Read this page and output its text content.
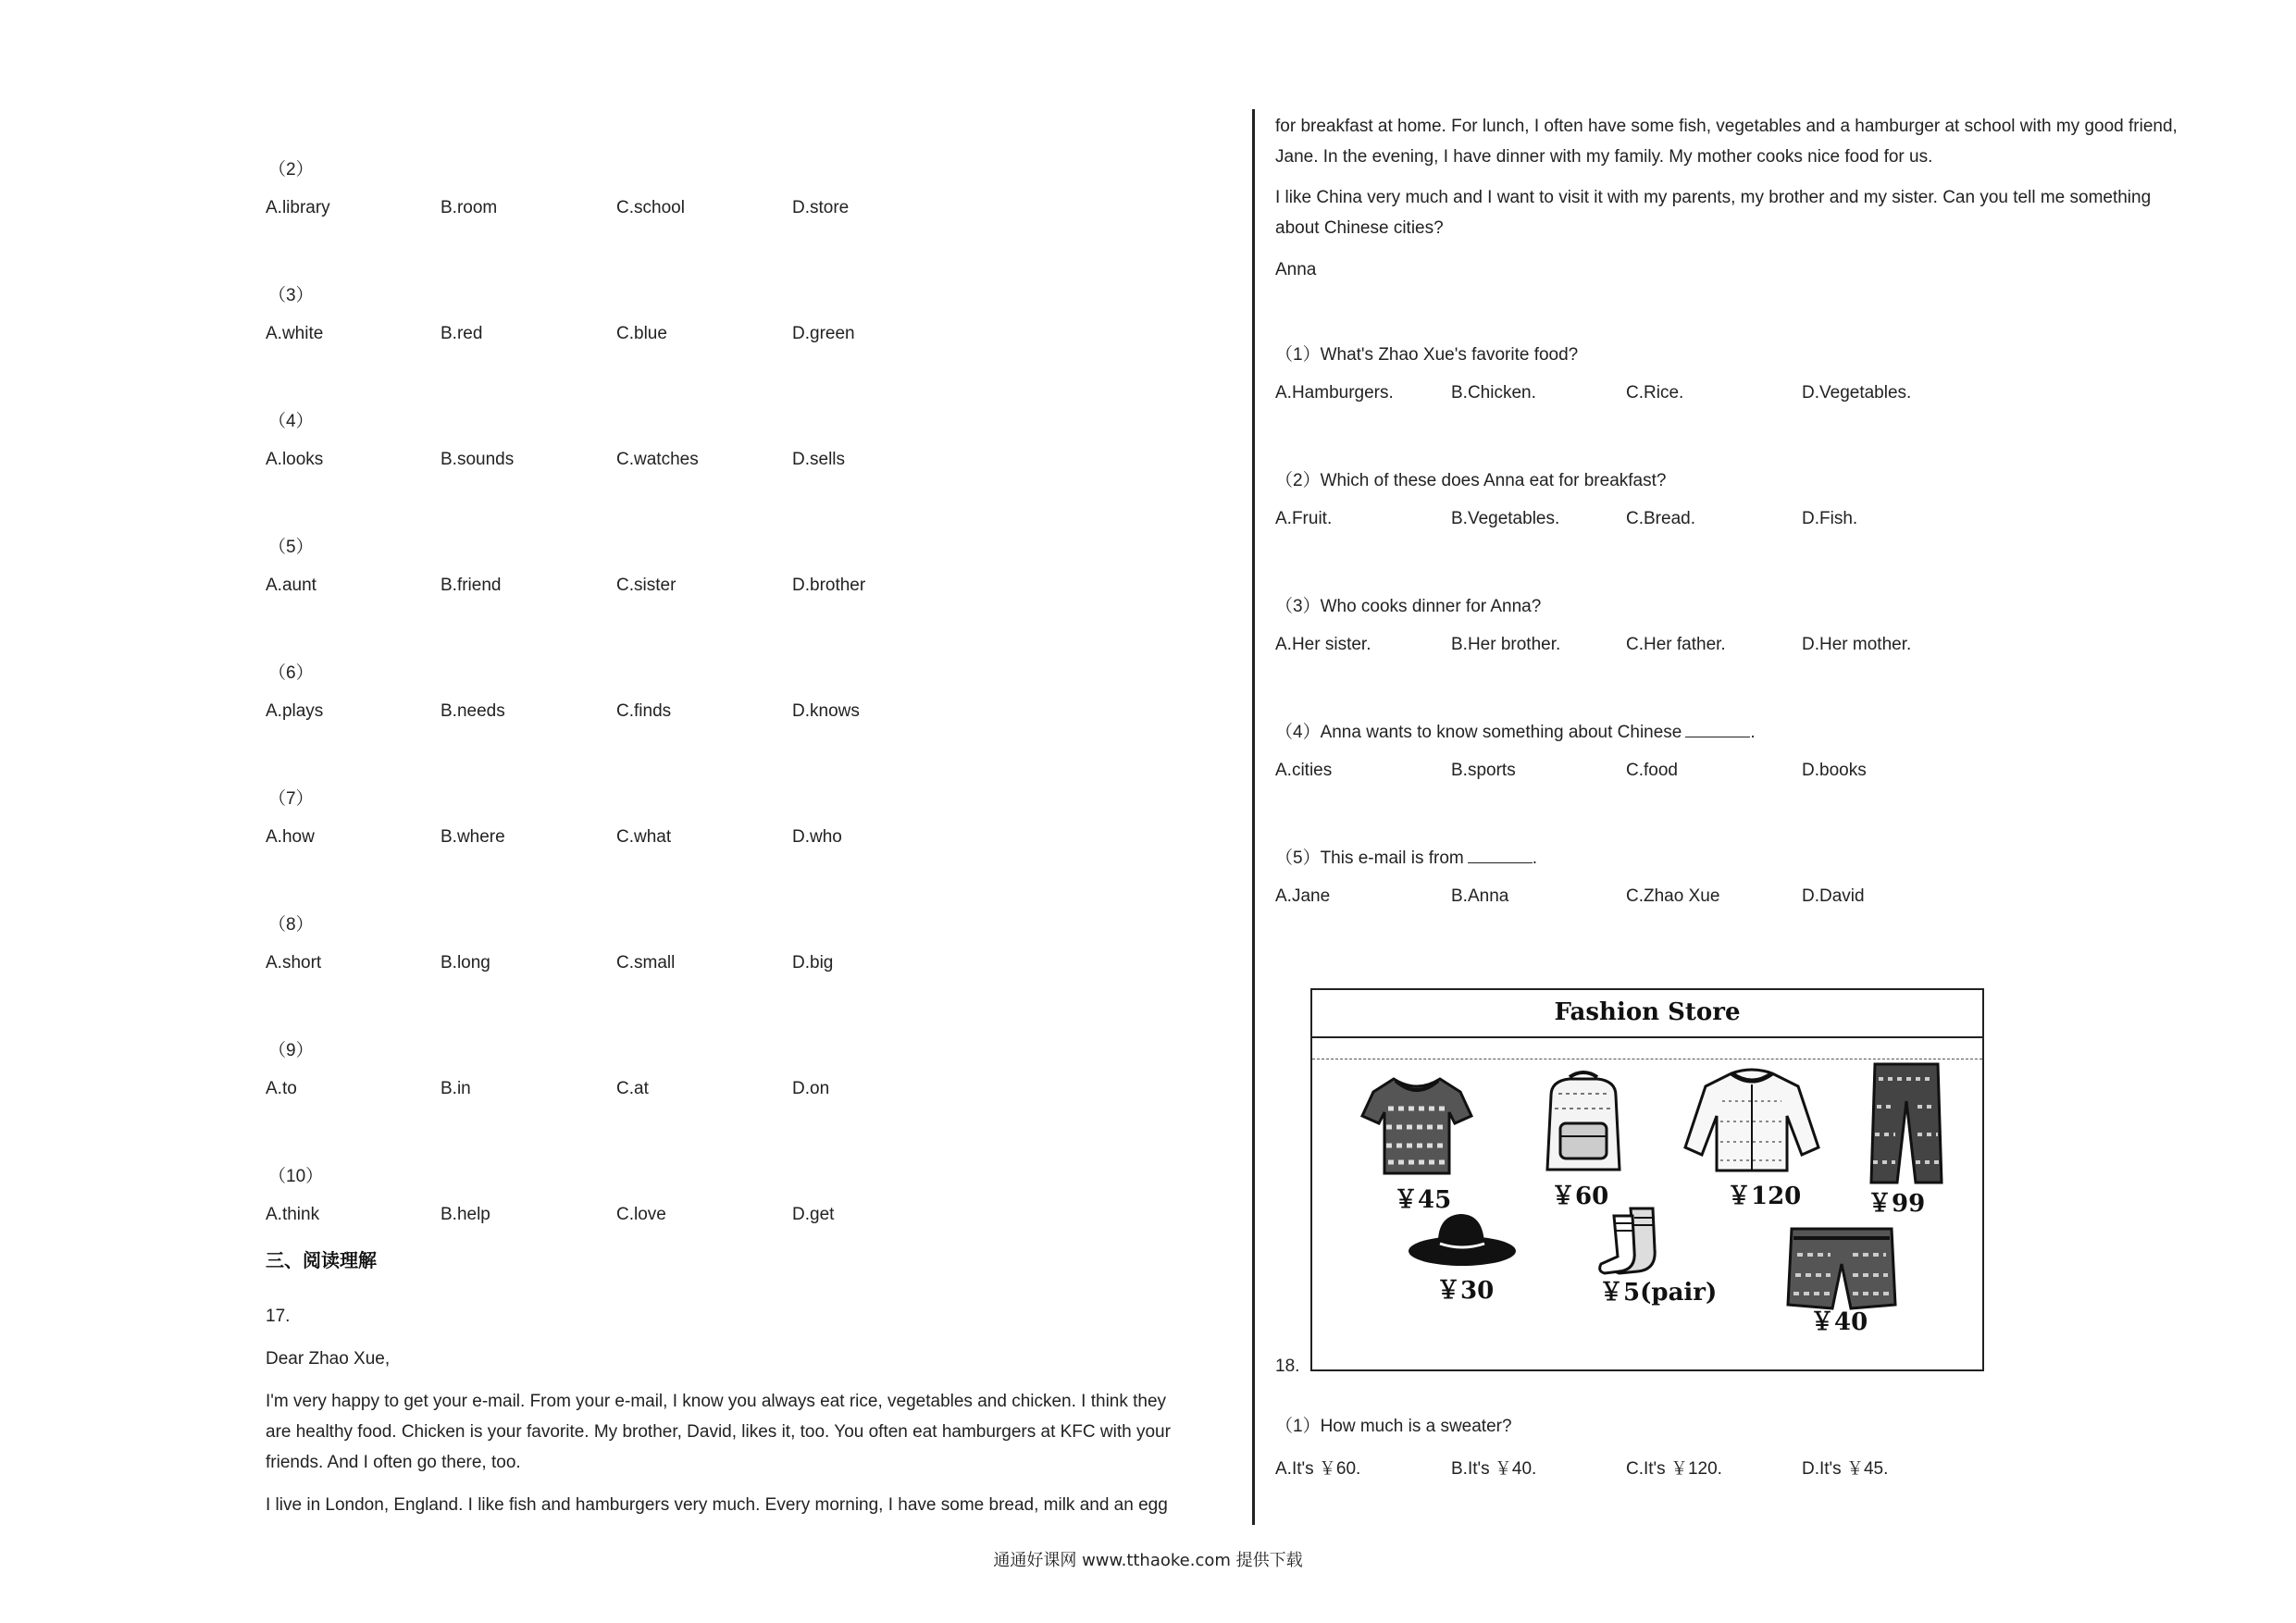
（2）
A.library	B.room	C.school	D.store
（3）
A.white	B.red	C.blue	D.green
（4）
A.looks	B.sounds	C.watches	D.sells
（5）
A.aunt	B.friend	C.sister	D.brother
（6）
A.plays	B.needs	C.finds	D.knows
（7）
A.how	B.where	C.what	D.who
（8）
A.short	B.long	C.small	D.big
（9）
A.to	B.in	C.at	D.on
（10）
A.think	B.help	C.love	D.get
三、阅读理解
17.
Dear Zhao Xue,
I'm very happy to get your e-mail. From your e-mail, I know you always eat rice, vegetables and chicken. I think they
are healthy food. Chicken is your favorite. My brother, David, likes it, too. You often eat hamburgers at KFC with your
friends. And I often go there, too.
I live in London, England. I like fish and hamburgers very much. Every morning, I have some bread, milk and an egg
for breakfast at home. For lunch, I often have some fish, vegetables and a hamburger at school with my good friend,
Jane. In the evening, I have dinner with my family. My mother cooks nice food for us.
I like China very much and I want to visit it with my parents, my brother and my sister. Can you tell me something
about Chinese cities?
Anna
（1）What's Zhao Xue's favorite food?
A.Hamburgers.	B.Chicken.	C.Rice.	D.Vegetables.
（2）Which of these does Anna eat for breakfast?
A.Fruit.	B.Vegetables.	C.Bread.	D.Fish.
（3）Who cooks dinner for Anna?
A.Her sister.	B.Her brother.	C.Her father.	D.Her mother.
（4）Anna wants to know something about Chinese	.
A.cities	B.sports	C.food	D.books
（5）This e-mail is from	.
A.Jane	B.Anna	C.Zhao Xue	D.David
Fashion Store
￥45	￥60	￥120	￥99
￥30	￥5(pair)
￥40
18.
（1）How much is a sweater?
A.It's ￥60.	B.It's ￥40.	C.It's ￥120.	D.It's ￥45.
通通好课网 www.tthaoke.com 提供下载
